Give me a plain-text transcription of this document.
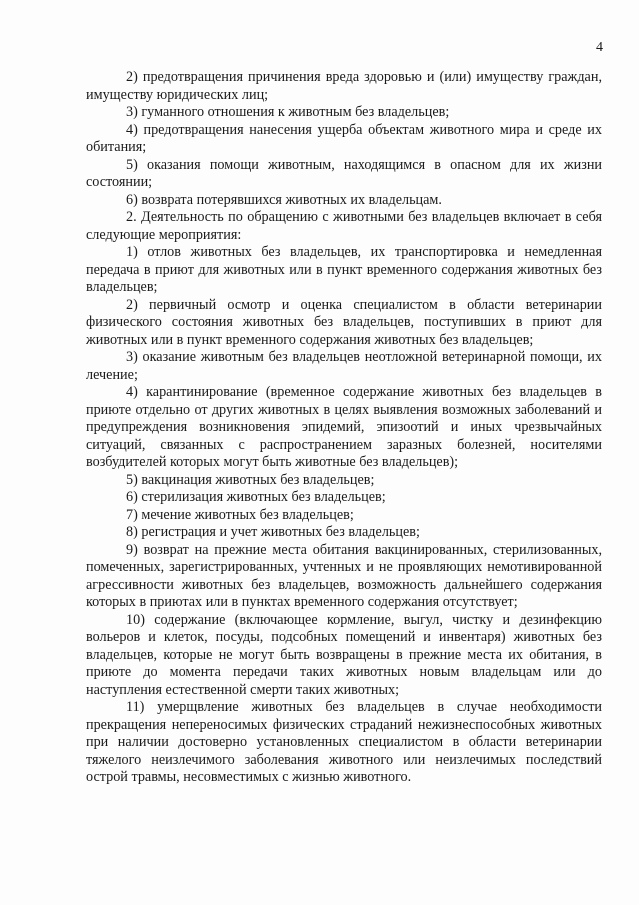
4

2) предотвращения причинения вреда здоровью и (или) имуществу граждан, имуществу юридических лиц;

3) гуманного отношения к животным без владельцев;

4) предотвращения нанесения ущерба объектам животного мира и среде их обитания;

5) оказания помощи животным, находящимся в опасном для их жизни состоянии;

6) возврата потерявшихся животных их владельцам.

2. Деятельность по обращению с животными без владельцев включает в себя следующие мероприятия:

1) отлов животных без владельцев, их транспортировка и немедленная передача в приют для животных или в пункт временного содержания животных без владельцев;

2) первичный осмотр и оценка специалистом в области ветеринарии физического состояния животных без владельцев, поступивших в приют для животных или в пункт временного содержания животных без владельцев;

3) оказание животным без владельцев неотложной ветеринарной помощи, их лечение;

4) карантинирование (временное содержание животных без владельцев в приюте отдельно от других животных в целях выявления возможных заболеваний и предупреждения возникновения эпидемий, эпизоотий и иных чрезвычайных ситуаций, связанных с распространением заразных болезней, носителями возбудителей которых могут быть животные без владельцев);

5) вакцинация животных без владельцев;

6) стерилизация животных без владельцев;

7) мечение животных без владельцев;

8) регистрация и учет животных без владельцев;

9) возврат на прежние места обитания вакцинированных, стерилизованных, помеченных, зарегистрированных, учтенных и не проявляющих немотивированной агрессивности животных без владельцев, возможность дальнейшего содержания которых в приютах или в пунктах временного содержания отсутствует;

10) содержание (включающее кормление, выгул, чистку и дезинфекцию вольеров и клеток, посуды, подсобных помещений и инвентаря) животных без владельцев, которые не могут быть возвращены в прежние места их обитания, в приюте до момента передачи таких животных новым владельцам или до наступления естественной смерти таких животных;

11) умерщвление животных без владельцев в случае необходимости прекращения непереносимых физических страданий нежизнеспособных животных при наличии достоверно установленных специалистом в области ветеринарии тяжелого неизлечимого заболевания животного или неизлечимых последствий острой травмы, несовместимых с жизнью животного.
